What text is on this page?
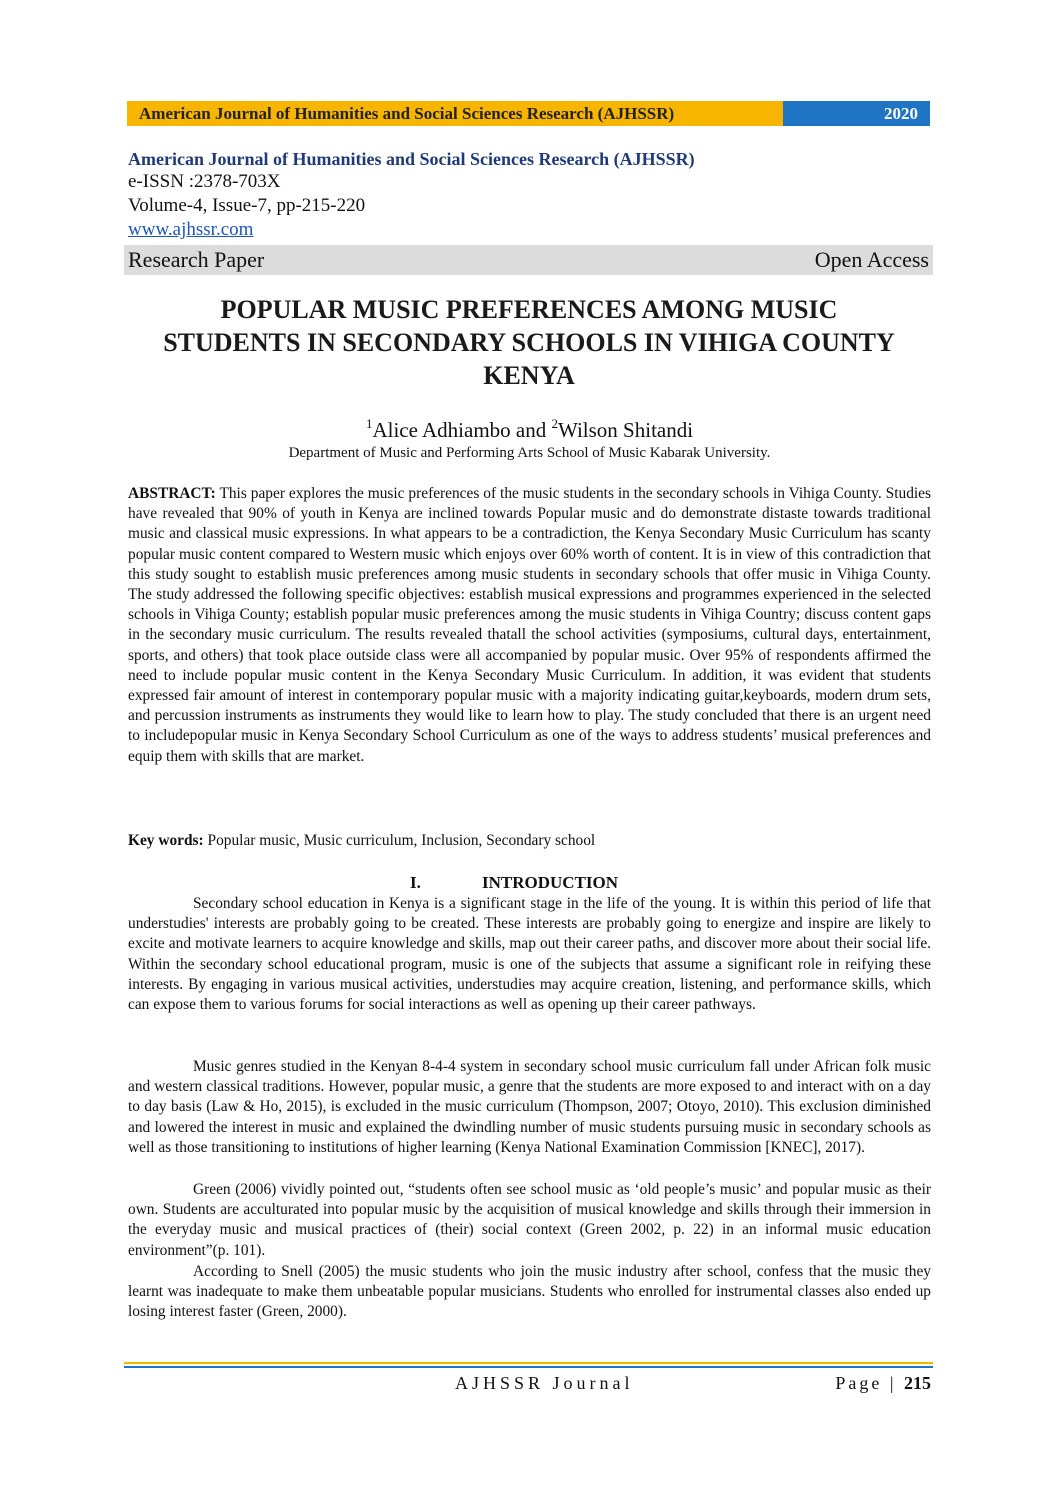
American Journal of Humanities and Social Sciences Research (AJHSSR)	2020
American Journal of Humanities and Social Sciences Research (AJHSSR)
e-ISSN :2378-703X
Volume-4, Issue-7, pp-215-220
www.ajhssr.com
Research Paper	Open Access
POPULAR MUSIC PREFERENCES AMONG MUSIC STUDENTS IN SECONDARY SCHOOLS IN VIHIGA COUNTY KENYA
$^1$Alice Adhiambo and $^2$Wilson Shitandi
Department of Music and Performing Arts School of Music Kabarak University.
ABSTRACT: This paper explores the music preferences of the music students in the secondary schools in Vihiga County. Studies have revealed that 90% of youth in Kenya are inclined towards Popular music and do demonstrate distaste towards traditional music and classical music expressions. In what appears to be a contradiction, the Kenya Secondary Music Curriculum has scanty popular music content compared to Western music which enjoys over 60% worth of content. It is in view of this contradiction that this study sought to establish music preferences among music students in secondary schools that offer music in Vihiga County. The study addressed the following specific objectives: establish musical expressions and programmes experienced in the selected schools in Vihiga County; establish popular music preferences among the music students in Vihiga Country; discuss content gaps in the secondary music curriculum. The results revealed thatall the school activities (symposiums, cultural days, entertainment, sports, and others) that took place outside class were all accompanied by popular music. Over 95% of respondents affirmed the need to include popular music content in the Kenya Secondary Music Curriculum. In addition, it was evident that students expressed fair amount of interest in contemporary popular music with a majority indicating guitar,keyboards, modern drum sets, and percussion instruments as instruments they would like to learn how to play. The study concluded that there is an urgent need to includepopular music in Kenya Secondary School Curriculum as one of the ways to address students’ musical preferences and equip them with skills that are market.
Key words: Popular music, Music curriculum, Inclusion, Secondary school
I.	INTRODUCTION

Secondary school education in Kenya is a significant stage in the life of the young. It is within this period of life that understudies' interests are probably going to be created. These interests are probably going to energize and inspire are likely to excite and motivate learners to acquire knowledge and skills, map out their career paths, and discover more about their social life. Within the secondary school educational program, music is one of the subjects that assume a significant role in reifying these interests. By engaging in various musical activities, understudies may acquire creation, listening, and performance skills, which can expose them to various forums for social interactions as well as opening up their career pathways.

Music genres studied in the Kenyan 8-4-4 system in secondary school music curriculum fall under African folk music and western classical traditions. However, popular music, a genre that the students are more exposed to and interact with on a day to day basis (Law & Ho, 2015), is excluded in the music curriculum (Thompson, 2007; Otoyo, 2010). This exclusion diminished and lowered the interest in music and explained the dwindling number of music students pursuing music in secondary schools as well as those transitioning to institutions of higher learning (Kenya National Examination Commission [KNEC], 2017).

Green (2006) vividly pointed out, “students often see school music as ‘old people’s music’ and popular music as their own. Students are acculturated into popular music by the acquisition of musical knowledge and skills through their immersion in the everyday music and musical practices of (their) social context (Green 2002, p. 22) in an informal music education environment”(p. 101).

According to Snell (2005) the music students who join the music industry after school, confess that the music they learnt was inadequate to make them unbeatable popular musicians. Students who enrolled for instrumental classes also ended up losing interest faster (Green, 2000).

AJHSSR Journal	Page | 215
